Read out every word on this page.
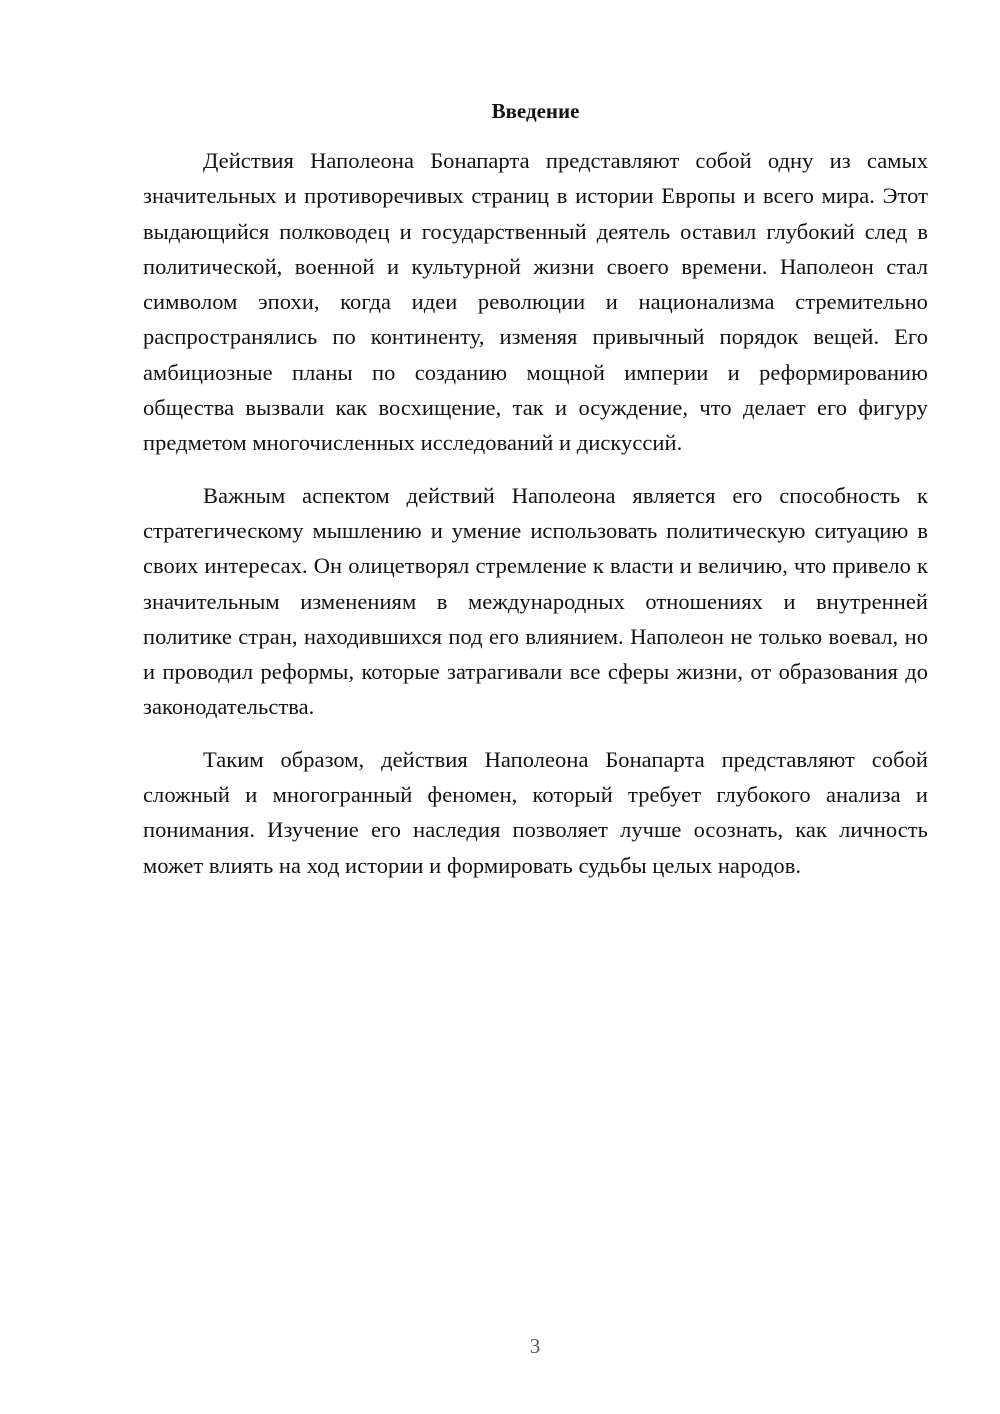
Введение

Действия Наполеона Бонапарта представляют собой одну из самых значительных и противоречивых страниц в истории Европы и всего мира. Этот выдающийся полководец и государственный деятель оставил глубокий след в политической, военной и культурной жизни своего времени. Наполеон стал символом эпохи, когда идеи революции и национализма стремительно распространялись по континенту, изменяя привычный порядок вещей. Его амбициозные планы по созданию мощной империи и реформированию общества вызвали как восхищение, так и осуждение, что делает его фигуру предметом многочисленных исследований и дискуссий.

Важным аспектом действий Наполеона является его способность к стратегическому мышлению и умение использовать политическую ситуацию в своих интересах. Он олицетворял стремление к власти и величию, что привело к значительным изменениям в международных отношениях и внутренней политике стран, находившихся под его влиянием. Наполеон не только воевал, но и проводил реформы, которые затрагивали все сферы жизни, от образования до законодательства.

Таким образом, действия Наполеона Бонапарта представляют собой сложный и многогранный феномен, который требует глубокого анализа и понимания. Изучение его наследия позволяет лучше осознать, как личность может влиять на ход истории и формировать судьбы целых народов.

3
